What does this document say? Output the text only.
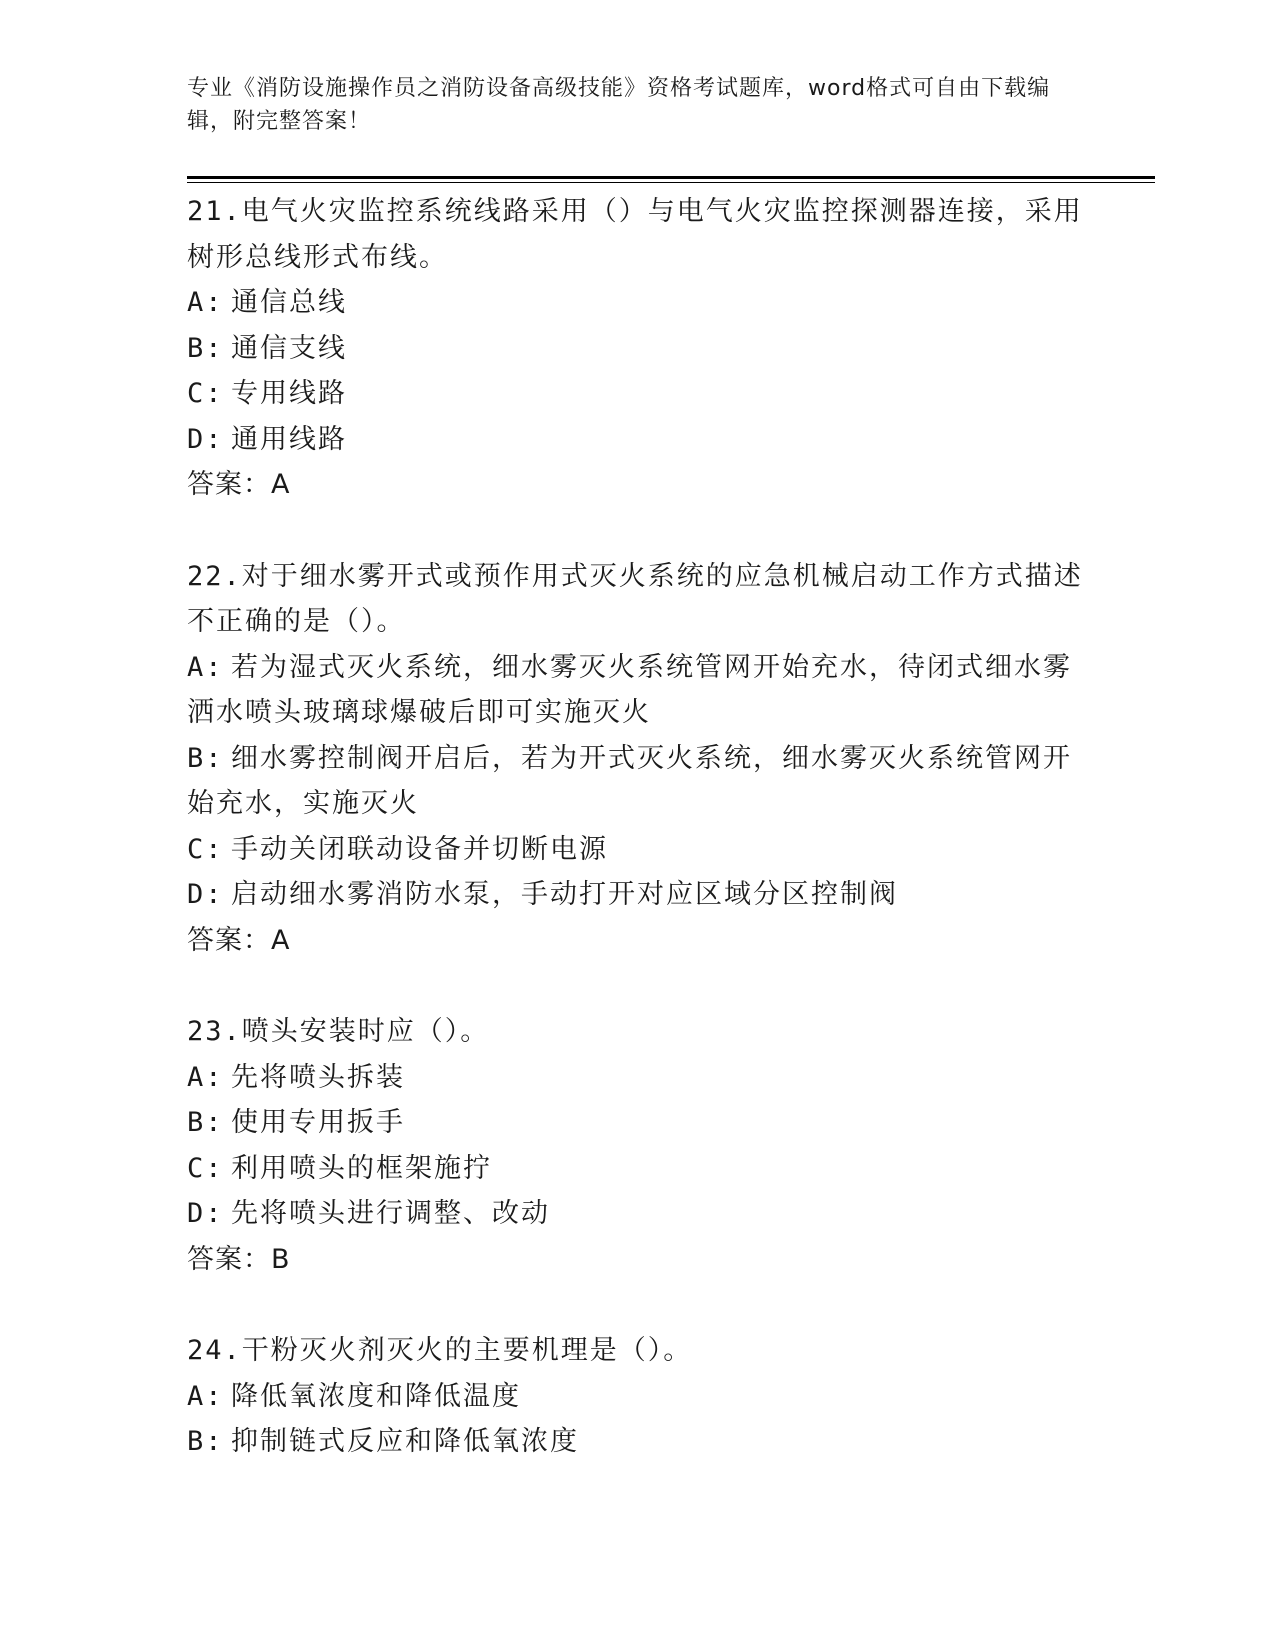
专业《消防设施操作员之消防设备高级技能》资格考试题库，word格式可自由下载编辑，附完整答案！
21.电气火灾监控系统线路采用（）与电气火灾监控探测器连接，采用树形总线形式布线。
A: 通信总线
B: 通信支线
C: 专用线路
D: 通用线路
答案：A
22.对于细水雾开式或预作用式灭火系统的应急机械启动工作方式描述不正确的是（）。
A: 若为湿式灭火系统，细水雾灭火系统管网开始充水，待闭式细水雾洒水喷头玻璃球爆破后即可实施灭火
B: 细水雾控制阀开启后，若为开式灭火系统，细水雾灭火系统管网开始充水，实施灭火
C: 手动关闭联动设备并切断电源
D: 启动细水雾消防水泵，手动打开对应区域分区控制阀
答案：A
23.喷头安装时应（）。
A: 先将喷头拆装
B: 使用专用扳手
C: 利用喷头的框架施拧
D: 先将喷头进行调整、改动
答案：B
24.干粉灭火剂灭火的主要机理是（）。
A: 降低氧浓度和降低温度
B: 抑制链式反应和降低氧浓度
